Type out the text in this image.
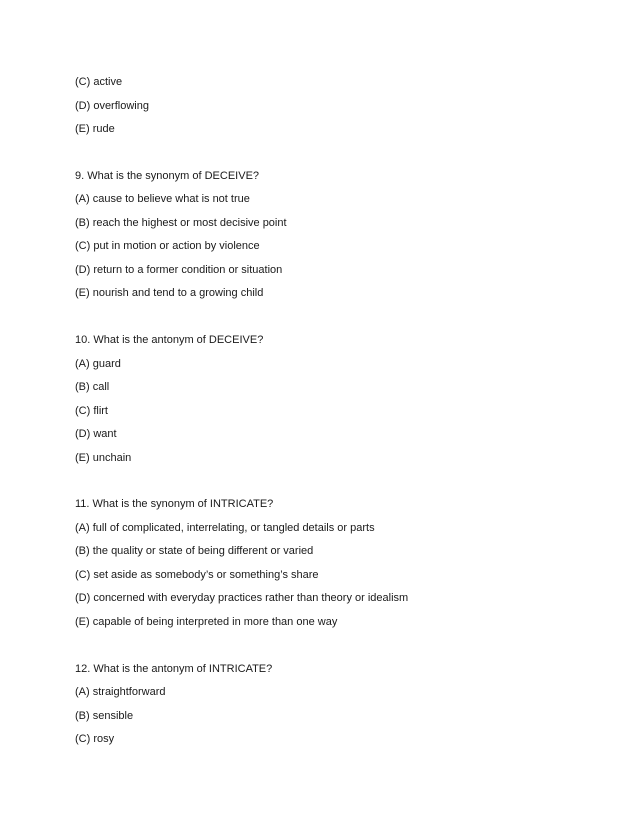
(C) active
(D) overflowing
(E) rude
9. What is the synonym of DECEIVE?
(A) cause to believe what is not true
(B) reach the highest or most decisive point
(C) put in motion or action by violence
(D) return to a former condition or situation
(E) nourish and tend to a growing child
10. What is the antonym of DECEIVE?
(A) guard
(B) call
(C) flirt
(D) want
(E) unchain
11. What is the synonym of INTRICATE?
(A) full of complicated, interrelating, or tangled details or parts
(B) the quality or state of being different or varied
(C) set aside as somebody’s or something’s share
(D) concerned with everyday practices rather than theory or idealism
(E) capable of being interpreted in more than one way
12. What is the antonym of INTRICATE?
(A) straightforward
(B) sensible
(C) rosy
